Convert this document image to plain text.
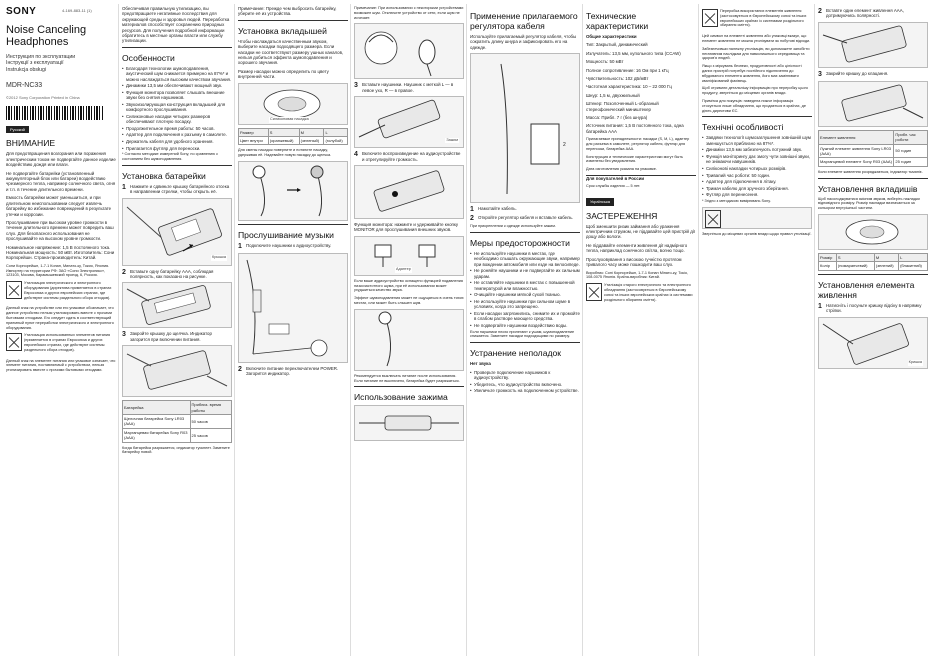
SONY	4-169-883-11 (1)
Noise Canceling
Headphones
Инструкция по эксплуатации
Інструкції з експлуатації
Instrukcja obsługi
MDR-NC33
©2012 Sony Corporation Printed in China
Русский
ВНИМАНИЕ
Для предотвращения возгорания или поражения электрическим током не подвергайте данное изделие воздействию дождя или влаги.
Не подвергайте батарейки (установленный аккумуляторный блок или батареи) воздействию чрезмерного тепла, например солнечного света, огня и т.п. в течение длительного времени.
Емкость батарейки может уменьшиться, и при длительном неиспользовании следует извлечь батарейку во избежание повреждений в результате утечки и коррозии.
Прослушивание при высоком уровне громкости в течение длительного времени может повредить ваш слух. Для безопасного использования не прослушивайте на высоком уровне громкости.
Номинальное напряжение: 1,5 В постоянного тока. Номинальная мощность: 50 мВт. Изготовитель: Сони Корпорейшн. Страна-производитель: Китай.
Сони Корпорейшн, 1-7-1 Конан, Минато-ку, Токио, Япония. Импортер на территории РФ: ЗАО «Сони Электроникс», 123103, Москва, Карамышевский проезд, 6, Россия.
Утилизация электрического и электронного оборудования (директива применяется в странах Евросоюза и других европейских странах, где действуют системы раздельного сбора отходов).
Данный знак на устройстве или его упаковке обозначает, что данное устройство нельзя утилизировать вместе с прочими бытовыми отходами. Его следует сдать в соответствующий приемный пункт переработки электрического и электронного оборудования.
Утилизация использованных элементов питания (применяется в странах Евросоюза и других европейских странах, где действуют системы раздельного сбора отходов).
Данный знак на элементе питания или упаковке означает, что элемент питания, поставляемый с устройством, нельзя утилизировать вместе с прочими бытовыми отходами.
Обеспечивая правильную утилизацию, вы предотвращаете негативные последствия для окружающей среды и здоровья людей. Переработка материалов способствует сохранению природных ресурсов. Для получения подробной информации обратитесь в местные органы власти или службу утилизации.
Особенности
• Благодаря технологии шумоподавления, акустический шум снижается примерно на 87%* и можно наслаждаться высоким качеством звучания.
• Динамики 13,5 мм обеспечивают мощный звук.
• Функция монитора позволяет слышать внешние звуки без снятия наушников.
• Звукоизолирующая конструкция вкладышей для комфортного прослушивания.
• Силиконовые насадки четырех размеров обеспечивают плотную посадку.
• Продолжительное время работы: 50 часов.
• Адаптер для подключения к разъему в самолете.
• Держатель кабеля для удобного хранения.
• Прилагается футляр для переноски.
* Согласно методике измерений Sony, по сравнению с состоянием без шумоподавления.
Установка батарейки
1 Нажмите и сдвиньте крышку батарейного отсека в направлении стрелки, чтобы открыть её.
Крышка
2 Вставьте одну батарейку AAA, соблюдая полярность, как показано на рисунке.
3 Закройте крышку до щелчка. Индикатор загорится при включении питания.
Батарейка	Приблиз. время работы
Щелочная батарейка Sony LR03 (AAA)	50 часов
Марганцевая батарейка Sony R03 (AAA)	25 часов
Когда батарейка разряжается, индикатор тускнеет. Замените батарейку новой.
Примечание: Прежде чем выбросить батарейку, уберите её из устройства.
Установка вкладышей
Чтобы наслаждаться качественным звуком, выберите насадки подходящего размера. Если насадки не соответствуют размеру ушных каналов, нельзя добиться эффекта шумоподавления и хорошего звучания.
Размер насадки можно определить по цвету внутренней части.
Силиконовая насадка
Размер	S	M	L
Цвет внутри	(оранжевый)	(зеленый)	(голубой)
Для смены насадок поверните и потяните насадку, удерживая её. Надевайте новую насадку до щелчка.
Прослушивание музыки
1 Подключите наушники к аудиоустройству.
2 Включите питание переключателем POWER. Загорится индикатор.
Примечание: При использовании с некоторыми устройствами возможен шум. Отключите устройство от сети, если шум не исчезает.
3 Вставьте наушники. Наушник с меткой L — в левое ухо, R — в правое.
Зажим
4 Включите воспроизведение на аудиоустройстве и отрегулируйте громкость.
Функция монитора: нажмите и удерживайте кнопку MONITOR для прослушивания внешних звуков.
Адаптер
Если ваше аудиоустройство оснащено функцией подавления низкочастотного шума, при её использовании может ухудшиться качество звука.
Эффект шумоподавления может не ощущаться в очень тихих местах, или может быть слышен шум.
Рекомендуется выключать питание после использования. Если питание не выключено, батарейка будет разряжаться.
Использование зажима
Применение прилагаемого регулятора кабеля
Используйте прилагаемый регулятор кабеля, чтобы сократить длину шнура и зафиксировать его на одежде.
2
1 Намотайте кабель.
2 Откройте регулятор кабеля и вставьте кабель.
При прикреплении к одежде используйте зажим.
Меры предосторожности
• Не используйте наушники в местах, где необходимо слышать окружающие звуки, например при вождении автомобиля или езде на велосипеде.
• Не роняйте наушники и не подвергайте их сильным ударам.
• Не оставляйте наушники в местах с повышенной температурой или влажностью.
• Очищайте наушники мягкой сухой тканью.
• Не используйте наушники при сильном шуме в условиях, когда это запрещено.
• Если насадки загрязнились, снимите их и промойте в слабом растворе моющего средства.
• Не подвергайте наушники воздействию воды.
Если наушники плохо прилегают к ушам, шумоподавление снижается. Замените насадки подходящими по размеру.
Устранение неполадок
Нет звука
• Проверьте подключение наушников к аудиоустройству.
• Убедитесь, что аудиоустройство включено.
• Увеличьте громкость на подключенном устройстве.
Технические характеристики
Общие характеристики
Тип: Закрытый, динамический
Излучатель: 13,5 мм, купольного типа (CCAW)
Мощность: 50 мВт
Полное сопротивление: 16 Ом при 1 кГц
Чувствительность: 102 дБ/мВт
Частотная характеристика: 10 – 22 000 Гц
Шнур: 1,5 м, двухжильный
Штекер: Позолоченный L-образный стереофонический миништекер
Масса: Прибл. 7 г (без шнура)
Источник питания: 1,5 В постоянного тока, одна батарейка AAA
Прилагаемые принадлежности: насадки (S, M, L), адаптер для разъема в самолете, регулятор кабеля, футляр для переноски, батарейка AAA.
Конструкция и технические характеристики могут быть изменены без уведомления.
Дата изготовления указана на упаковке.
Для покупателей в России
Срок службы изделия — 5 лет.
Українська
ЗАСТЕРЕЖЕННЯ
Щоб зменшити ризик займання або ураження електричним струмом, не піддавайте цей пристрій дії дощу або вологи.
Не піддавайте елементи живлення дії надмірного тепла, наприклад сонячного світла, вогню тощо.
Прослуховування з високою гучністю протягом тривалого часу може пошкодити ваш слух.
Виробник: Соні Корпорейшн, 1-7-1 Конан Мінато-ку, Токіо, 108-0075 Японія. Країна-виробник: Китай.
Утилізація старого електричного та електронного обладнання (застосовується в Європейському союзі та інших європейських країнах із системами роздільного збирання сміття).
Переробка використаних елементів живлення (застосовується в Європейському союзі та інших європейських країнах із системами роздільного збирання сміття).
Цей символ на елементі живлення або упаковці вказує, що елемент живлення не можна утилізувати як побутові відходи.
Забезпечивши належну утилізацію, ви допоможете запобігти негативним наслідкам для навколишнього середовища та здоров'я людей.
Якщо з міркувань безпеки, продуктивності або цілісності даних пристрій потребує постійного підключення до вбудованого елемента живлення, його має замінювати кваліфікований фахівець.
Щоб отримати детальнішу інформацію про переробку цього продукту, зверніться до місцевих органів влади.
Примітка для покупців: наведена нижче інформація стосується лише обладнання, що продається в країнах, де діють директиви ЄС.
Технічні особливості
• Завдяки технології шумозаглушення зовнішній шум зменшується приблизно на 87%*.
• Динаміки 13,5 мм забезпечують потужний звук.
• Функція моніторингу дає змогу чути зовнішні звуки, не знімаючи навушників.
• Силіконові накладки чотирьох розмірів.
• Тривалий час роботи: 50 годин.
• Адаптер для підключення в літаку.
• Тримач кабелю для зручного зберігання.
• Футляр для перенесення.
* Згідно з методикою вимірювань Sony.
Зверніться до місцевих органів влади щодо правил утилізації.
2 Вставте один елемент живлення AAA, дотримуючись полярності.
3 Закрийте кришку до клацання.
Елемент живлення	Прибл. час роботи
Лужний елемент живлення Sony LR03 (AAA)	50 годин
Марганцевий елемент Sony R03 (AAA)	25 годин
Коли елемент живлення розряджається, індикатор тьмяніє.
Установлення вкладишів
Щоб насолоджуватися якісним звуком, виберіть накладки відповідного розміру. Розмір накладки визначається за кольором внутрішньої частини.
Розмір	S	M	L
Колір	(помаранчевий)	(зелений)	(блакитний)
Установлення елемента живлення
1 Натисніть і посуньте кришку відсіку в напрямку стрілки.
Кришка
